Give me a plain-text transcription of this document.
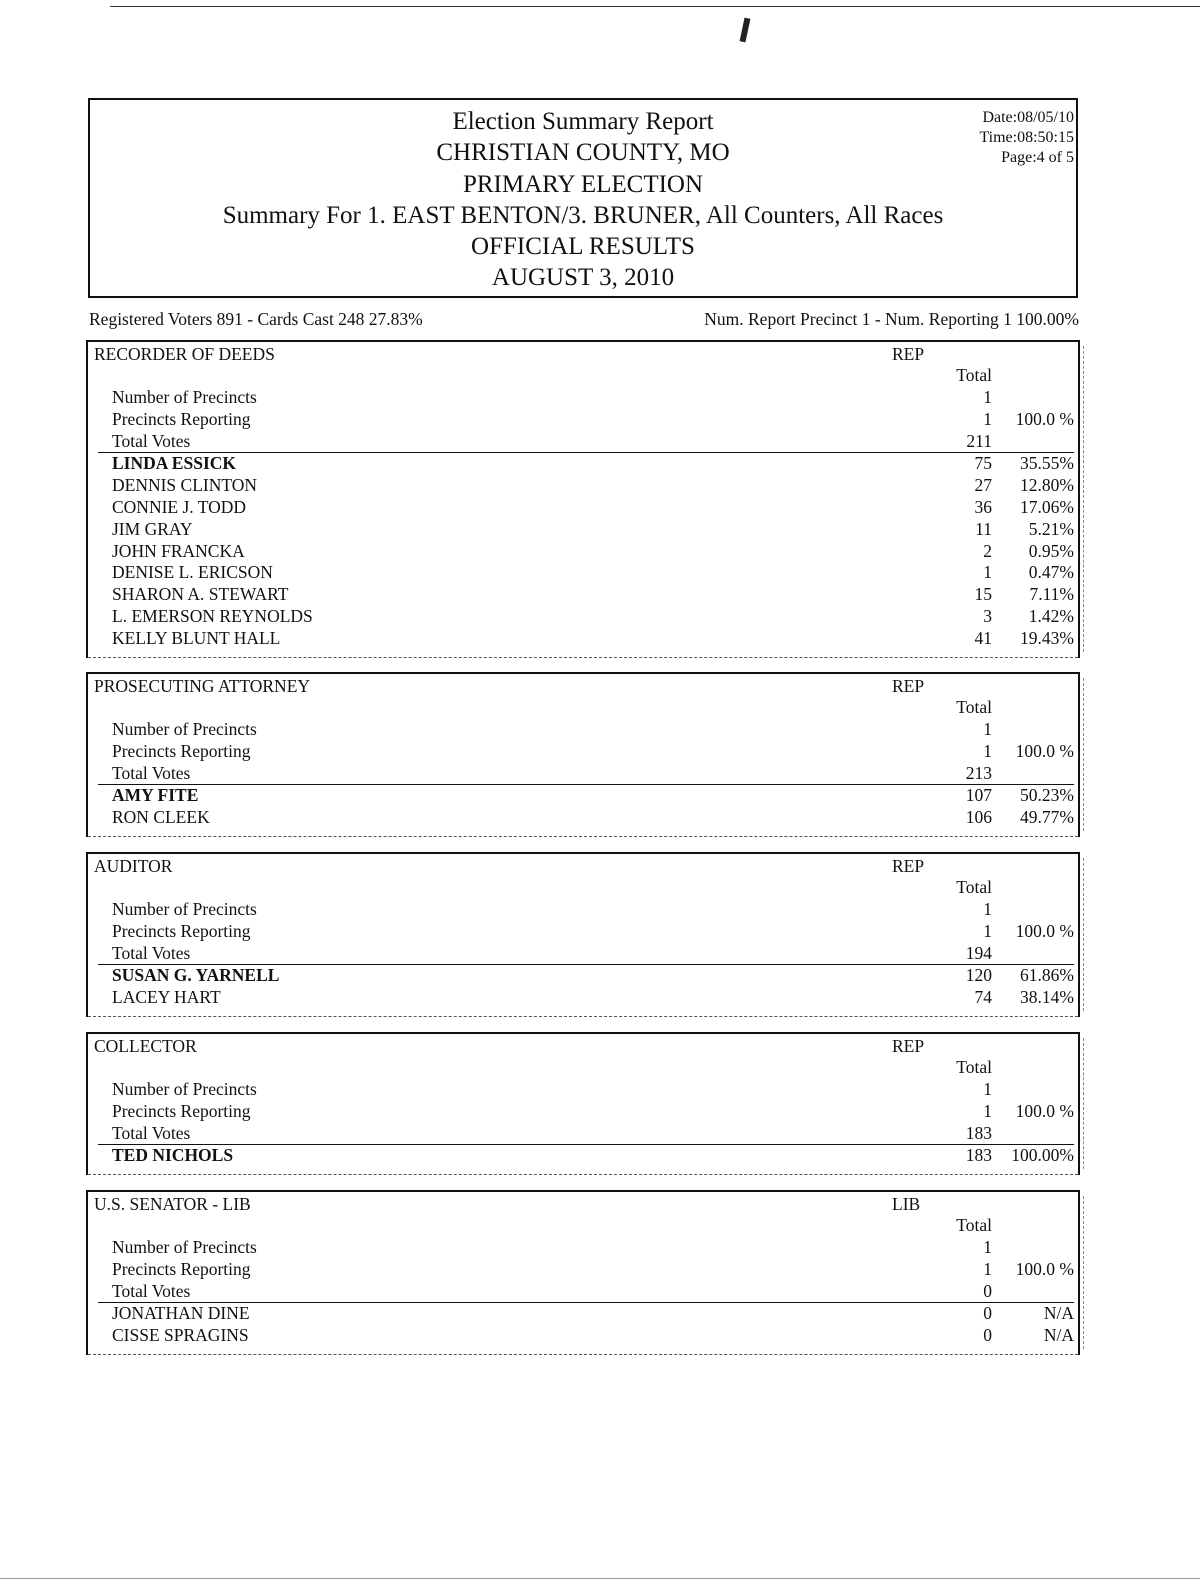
Election Summary Report
CHRISTIAN COUNTY, MO
PRIMARY ELECTION
Summary For 1. EAST BENTON/3. BRUNER, All Counters, All Races
OFFICIAL RESULTS
AUGUST 3, 2010
Date:08/05/10
Time:08:50:15
Page:4 of 5
Registered Voters 891 - Cards Cast 248 27.83%	Num. Report Precinct 1 - Num. Reporting 1 100.00%
RECORDER OF DEEDS	REP
Total
Number of Precincts	1
Precincts Reporting	1 100.0 %
Total Votes	211
LINDA ESSICK	75 35.55%
DENNIS CLINTON	27 12.80%
CONNIE J. TODD	36 17.06%
JIM GRAY	11 5.21%
JOHN FRANCKA	2 0.95%
DENISE L. ERICSON	1 0.47%
SHARON A. STEWART	15 7.11%
L. EMERSON REYNOLDS	3 1.42%
KELLY BLUNT HALL	41 19.43%
PROSECUTING ATTORNEY	REP
Total
Number of Precincts	1
Precincts Reporting	1 100.0 %
Total Votes	213
AMY FITE	107 50.23%
RON CLEEK	106 49.77%
AUDITOR	REP
Total
Number of Precincts	1
Precincts Reporting	1 100.0 %
Total Votes	194
SUSAN G. YARNELL	120 61.86%
LACEY HART	74 38.14%
COLLECTOR	REP
Total
Number of Precincts	1
Precincts Reporting	1 100.0 %
Total Votes	183
TED NICHOLS	183 100.00%
U.S. SENATOR - LIB	LIB
Total
Number of Precincts	1
Precincts Reporting	1 100.0 %
Total Votes	0
JONATHAN DINE	0	N/A
CISSE SPRAGINS	0	N/A
